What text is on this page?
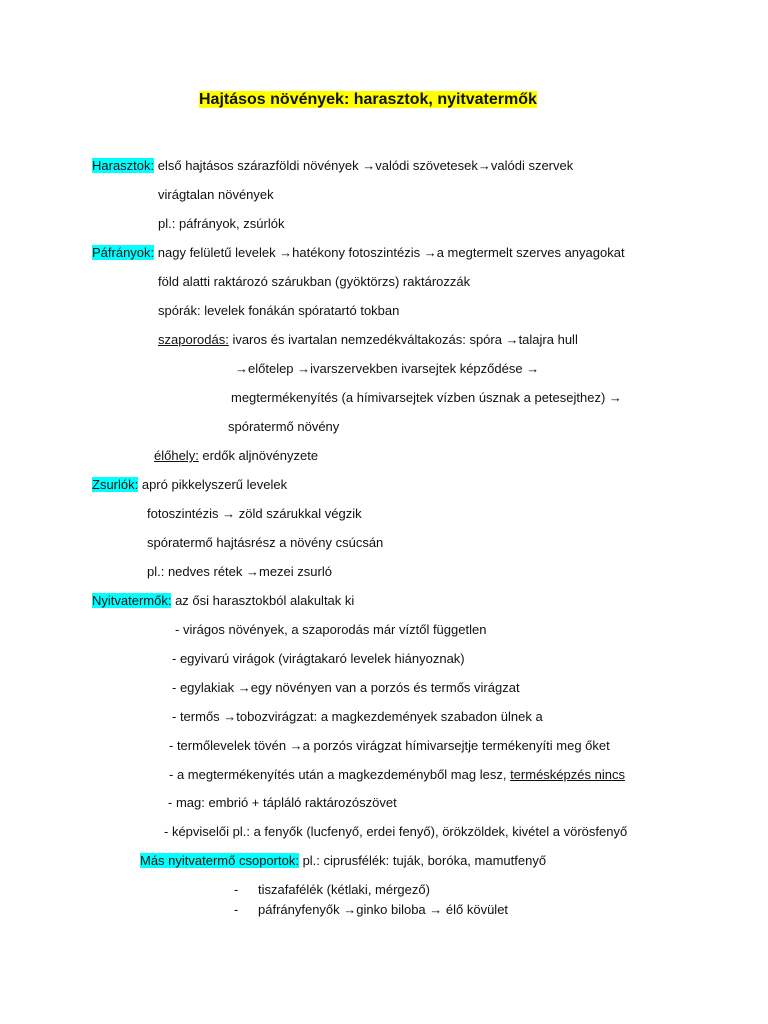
Hajtásos növények: harasztok, nyitvatermők
Harasztok: első hajtásos szárazföldi növények →valódi szövetesek→valódi szervek
virágtalan növények
pl.: páfrányok, zsúrlók
Páfrányok: nagy felületű levelek →hatékony fotoszintézis →a megtermelt szerves anyagokat
föld alatti raktározó szárukban (gyöktörzs) raktározzák
spórák: levelek fonákán spóratartó tokban
szaporodás: ivaros és ivartalan nemzedékváltakozás: spóra →talajra hull
→előtelep →ivarszervekben ivarsejtek képződése →
megtermékenyítés (a hímivarsejtek vízben úsznak a petesejthez) →
spóratermő növény
élőhely: erdők aljnövényzete
Zsurlók: apró pikkelyszerű levelek
fotoszintézis → zöld szárukkal végzik
spóratermő hajtásrész a növény csúcsán
pl.: nedves rétek →mezei zsurló
Nyitvatermők: az ősi harasztokból alakultak ki
- virágos növények, a szaporodás már víztől független
- egyivarú virágok (virágtakaró levelek hiányoznak)
- egylakiak →egy növényen van a porzós és termős virágzat
- termős →tobozvirágzat: a magkezdemények szabadon ülnek a
- termőlevelek tövén →a porzós virágzat hímivarsejtje termékenyíti meg őket
- a megtermékenyítés után a magkezdeményből mag lesz, termésképzés nincs
- mag: embrió + tápláló raktározószövet
- képviselői pl.: a fenyők (lucfenyő, erdei fenyő), örökzöldek, kivétel a vörösfenyő
Más nyitvatermő csoportok: pl.: ciprusfélék: tuják, boróka, mamutfenyő
- tiszafafélék (kétlaki, mérgező)
- páfrányfenyők →ginko biloba → élő kövület
